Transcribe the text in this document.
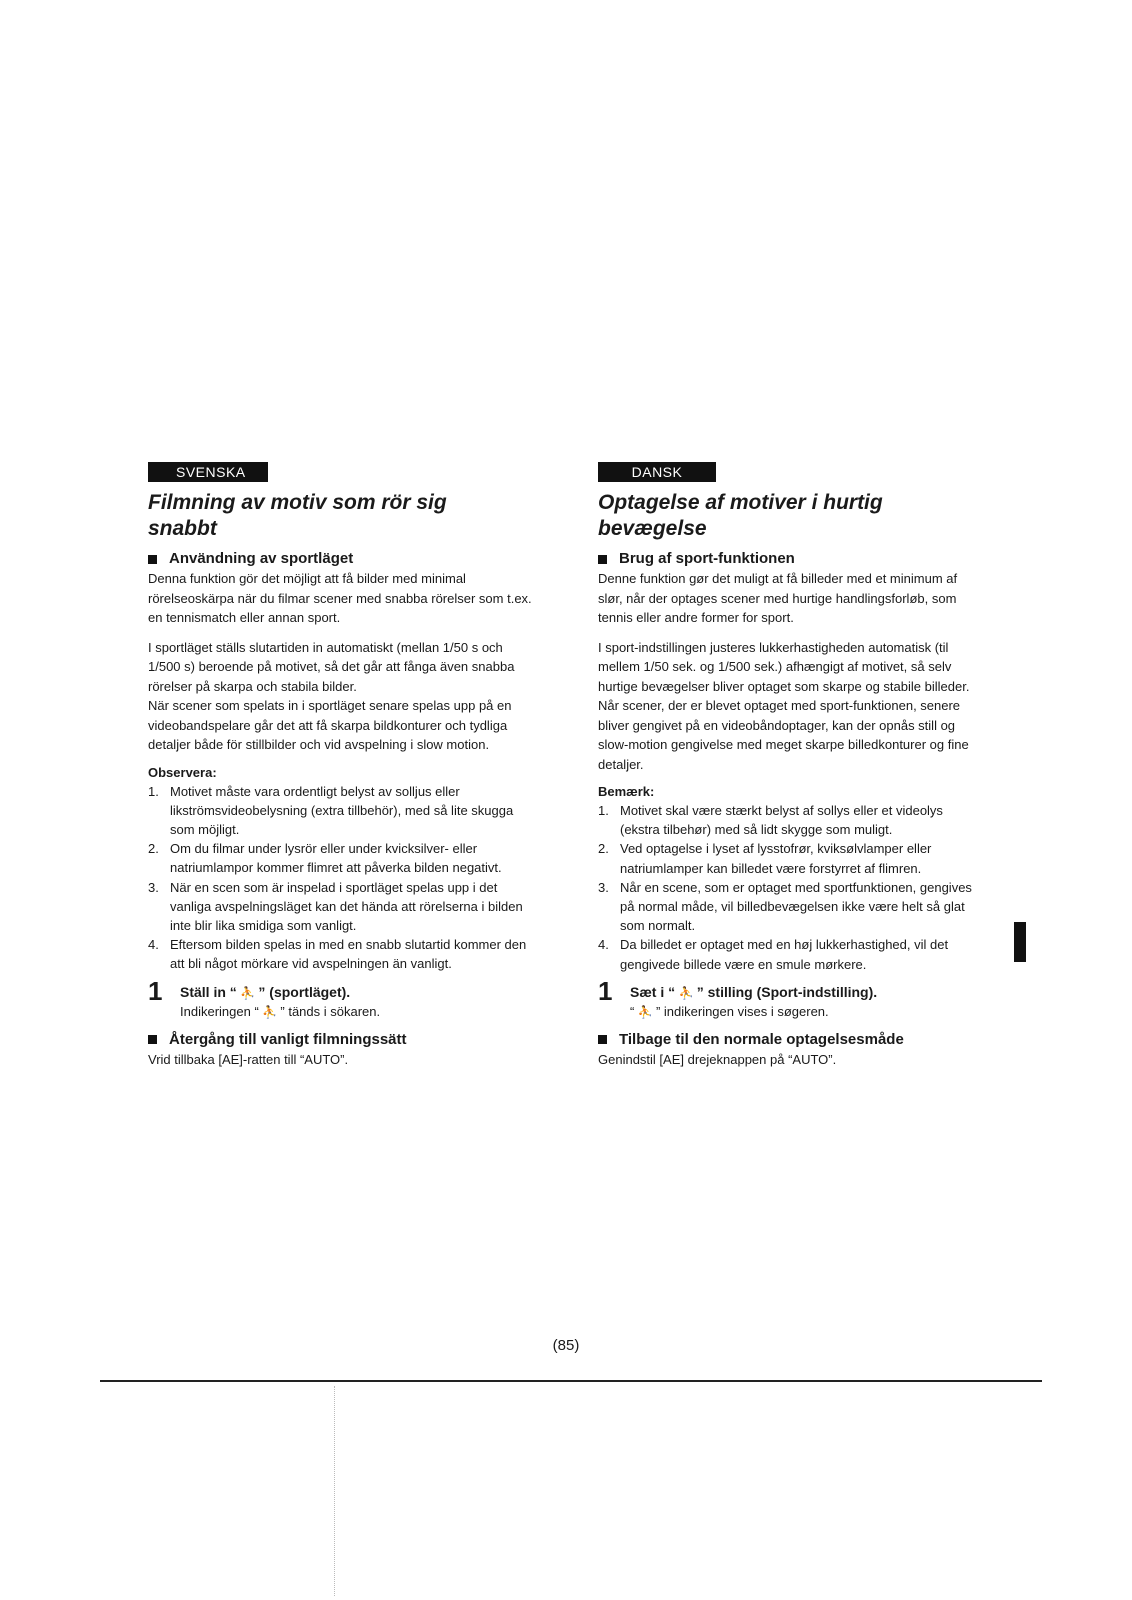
SVENSKA
Filmning av motiv som rör sig
snabbt
Användning av sportläget

Denna funktion gör det möjligt att få bilder med minimal rörelseoskärpa när du filmar scener med snabba rörelser som t.ex. en tennismatch eller annan sport.

I sportläget ställs slutartiden in automatiskt (mellan 1/50 s och 1/500 s) beroende på motivet, så det går att fånga även snabba rörelser på skarpa och stabila bilder.

När scener som spelats in i sportläget senare spelas upp på en videobandspelare går det att få skarpa bildkonturer och tydliga detaljer både för stillbilder och vid avspelning i slow motion.

Observera:
1. Motivet måste vara ordentligt belyst av solljus eller likströmsvideobelysning (extra tillbehör), med så lite skugga som möjligt.
2. Om du filmar under lysrör eller under kvicksilver- eller natriumlampor kommer flimret att påverka bilden negativt.
3. När en scen som är inspelad i sportläget spelas upp i det vanliga avspelningsläget kan det hända att rörelserna i bilden inte blir lika smidiga som vanligt.
4. Eftersom bilden spelas in med en snabb slutartid kommer den att bli något mörkare vid avspelningen än vanligt.
1	Ställ in “ ⛹ ” (sportläget).
Indikeringen “ ⛹ ” tänds i sökaren.
Återgång till vanligt filmningssätt

Vrid tillbaka [AE]-ratten till “AUTO”.

DANSK
Optagelse af motiver i hurtig
bevægelse
Brug af sport-funktionen

Denne funktion gør det muligt at få billeder med et minimum af slør, når der optages scener med hurtige handlingsforløb, som tennis eller andre former for sport.

I sport-indstillingen justeres lukkerhastigheden automatisk (til mellem 1/50 sek. og 1/500 sek.) afhængigt af motivet, så selv hurtige bevægelser bliver optaget som skarpe og stabile billeder.

Når scener, der er blevet optaget med sport-funktionen, senere bliver gengivet på en videobåndoptager, kan der opnås still og slow-motion gengivelse med meget skarpe billedkonturer og fine detaljer.

Bemærk:
1. Motivet skal være stærkt belyst af sollys eller et videolys (ekstra tilbehør) med så lidt skygge som muligt.
2. Ved optagelse i lyset af lysstofrør, kviksølvlamper eller natriumlamper kan billedet være forstyrret af flimren.
3. Når en scene, som er optaget med sportfunktionen, gengives på normal måde, vil billedbevægelsen ikke være helt så glat som normalt.
4. Da billedet er optaget med en høj lukkerhastighed, vil det gengivede billede være en smule mørkere.
1	Sæt i “ ⛹ ” stilling (Sport-indstilling).
“ ⛹ ” indikeringen vises i søgeren.
Tilbage til den normale optagelsesmåde

Genindstil [AE] drejeknappen på “AUTO”.

(85)
